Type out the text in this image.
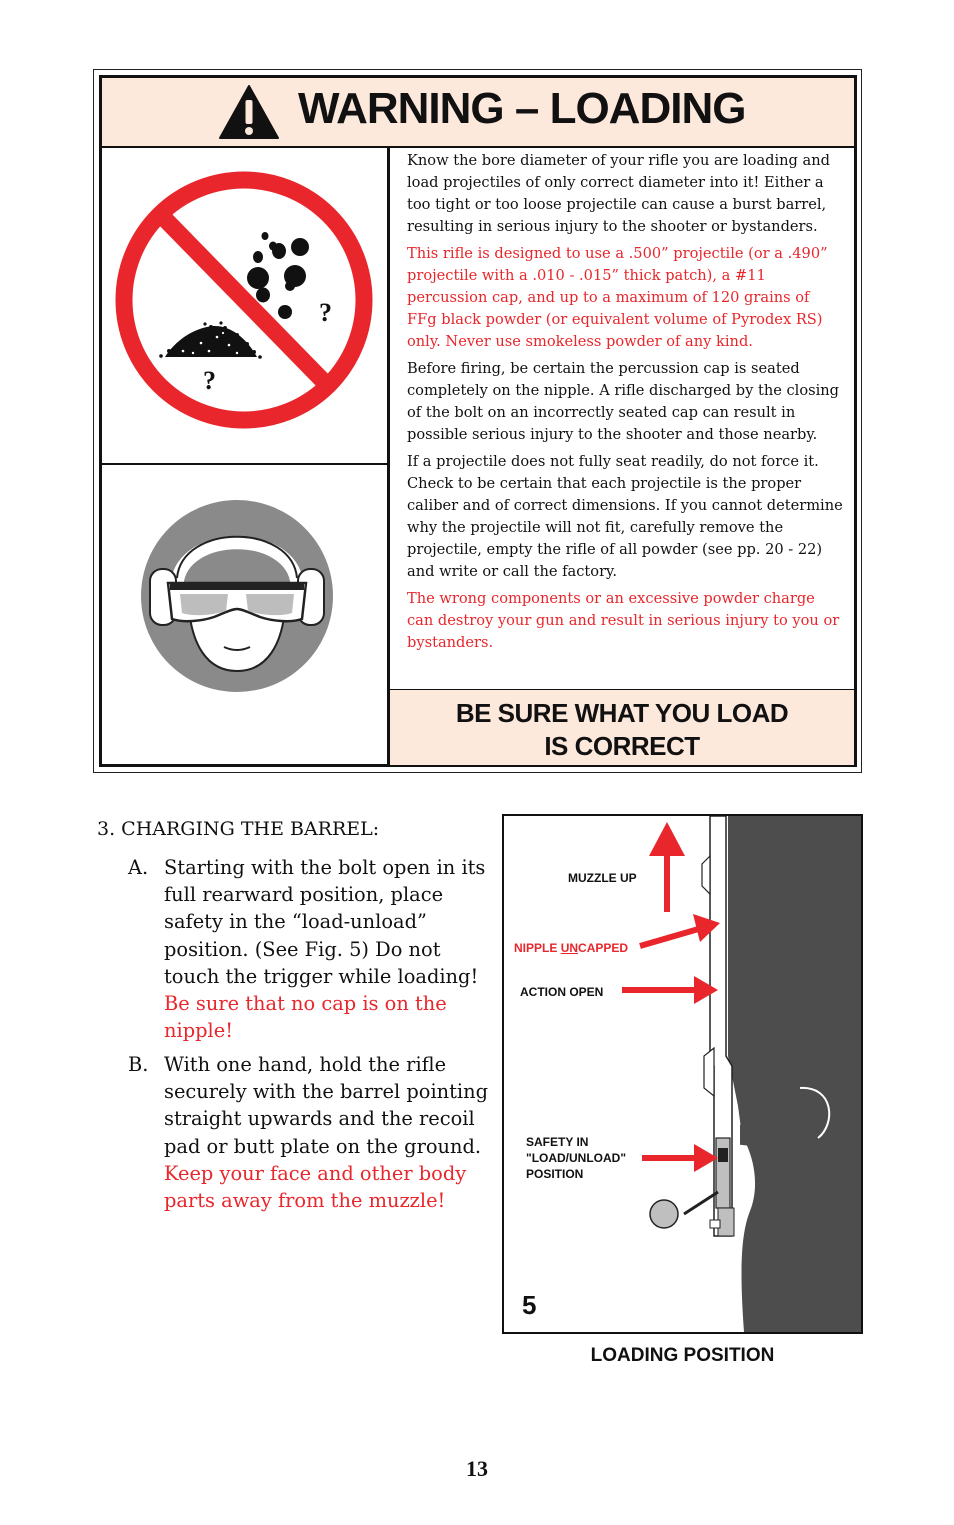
WARNING – LOADING
?
?

Know the bore diameter of your rifle you are loading and load projectiles of only correct diameter into it! Either a too tight or too loose projectile can cause a burst barrel, resulting in serious injury to the shooter or bystanders.

This rifle is designed to use a .500” projectile (or a .490” projectile with a .010 - .015” thick patch), a #11 percussion cap, and up to a maximum of 120 grains of FFg black powder (or equivalent volume of Pyrodex RS) only. Never use smokeless powder of any kind.

Before firing, be certain the percussion cap is seated completely on the nipple. A rifle discharged by the closing of the bolt on an incorrectly seated cap can result in possible serious injury to the shooter and those nearby.

If a projectile does not fully seat readily, do not force it. Check to be certain that each projectile is the proper caliber and of correct dimensions. If you cannot determine why the projectile will not fit, carefully remove the projectile, empty the rifle of all powder (see pp. 20 - 22) and write or call the factory.

The wrong components or an excessive powder charge can destroy your gun and result in serious injury to you or bystanders.

BE SURE WHAT YOU LOAD
IS CORRECT
3. CHARGING THE BARREL:
A. Starting with the bolt open in its full rearward position, place safety in the “load-unload” position. (See Fig. 5) Do not touch the trigger while loading! Be sure that no cap is on the nipple!
B. With one hand, hold the rifle securely with the barrel pointing straight upwards and the recoil pad or butt plate on the ground. Keep your face and other body parts away from the muzzle!
MUZZLE UP
NIPPLE UNCAPPED
ACTION OPEN
SAFETY IN
"LOAD/UNLOAD"
POSITION
5
LOADING POSITION
13
